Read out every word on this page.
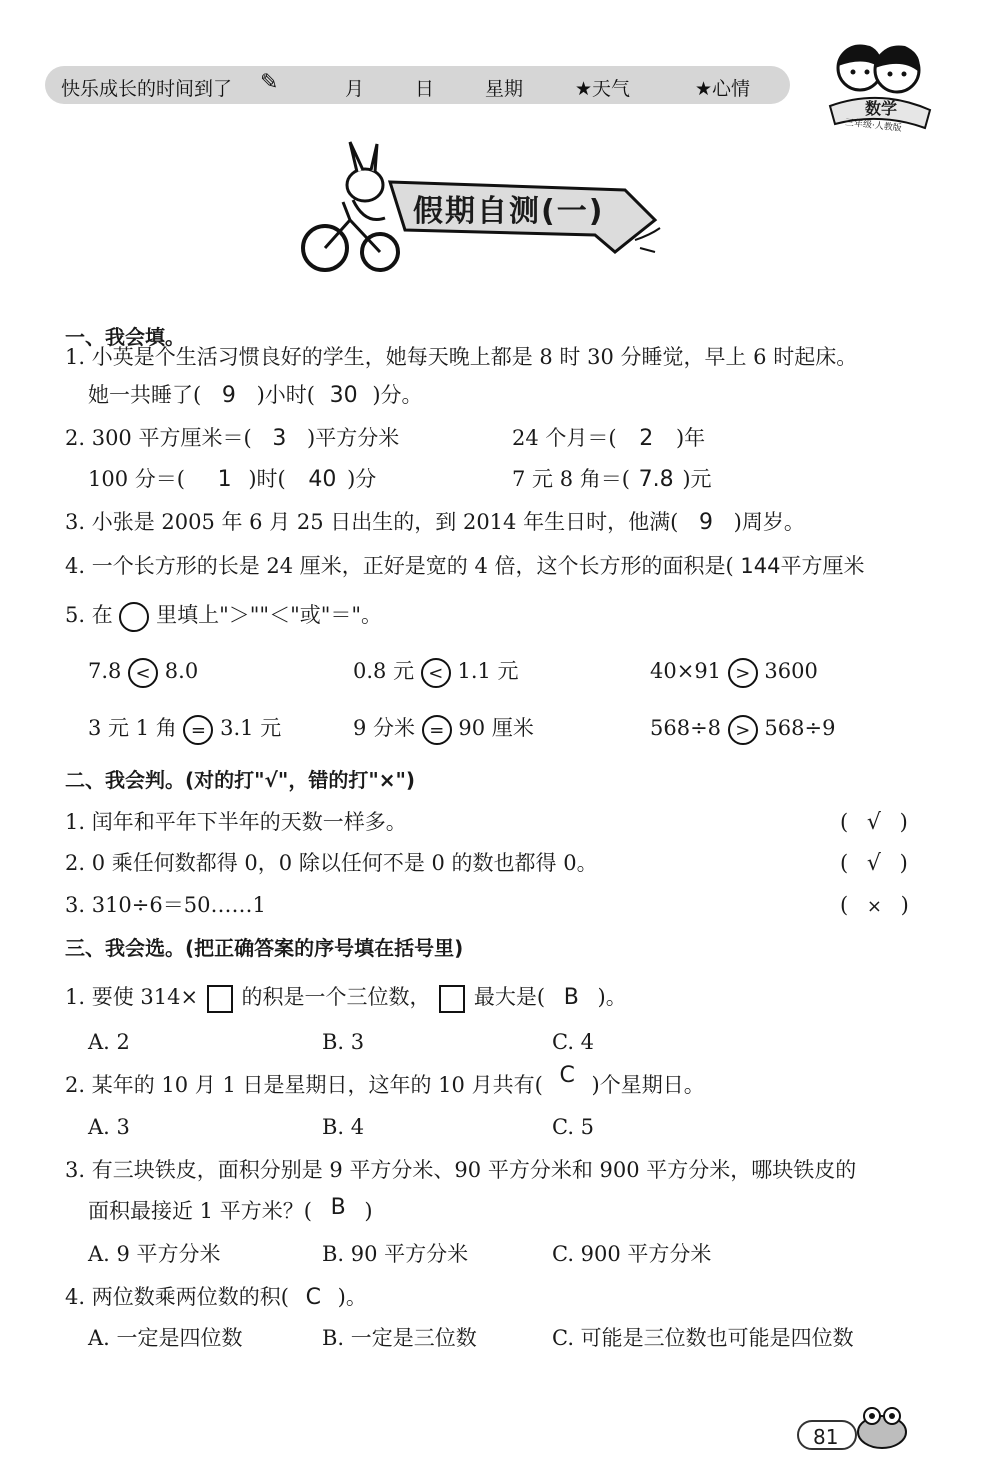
快乐成长的时间到了 ✎	月	日	星期	★天气	★心情
数学
三年级·人教版
假期自测(一)
一、我会填。
1. 小英是个生活习惯良好的学生，她每天晚上都是 8 时 30 分睡觉，早上 6 时起床。
她一共睡了( 9 )小时( 30 )分。
2. 300 平方厘米＝( 3 )平方分米	24 个月＝( 2 )年
100 分＝( 1 )时( 40 )分	7 元 8 角＝( 7.8 )元
3. 小张是 2005 年 6 月 25 日出生的，到 2014 年生日时，他满( 9 )周岁。
4. 一个长方形的长是 24 厘米，正好是宽的 4 倍，这个长方形的面积是( 144平方厘米
5. 在 里填上"＞""＜"或"＝"。
7.8 < 8.0	0.8 元 < 1.1 元	40×91 > 3600
3 元 1 角 = 3.1 元	9 分米 = 90 厘米	568÷8 > 568÷9
二、我会判。(对的打"√"，错的打"×")
1. 闰年和平年下半年的天数一样多。	( √ )
2. 0 乘任何数都得 0，0 除以任何不是 0 的数也都得 0。	( √ )
3. 310÷6＝50……1	( × )
三、我会选。(把正确答案的序号填在括号里)
1. 要使 314× 的积是一个三位数， 最大是( B )。
A. 2	B. 3	C. 4
2. 某年的 10 月 1 日是星期日，这年的 10 月共有( C )个星期日。
A. 3	B. 4	C. 5
3. 有三块铁皮，面积分别是 9 平方分米、90 平方分米和 900 平方分米，哪块铁皮的
面积最接近 1 平方米？( B )
A. 9 平方分米	B. 90 平方分米	C. 900 平方分米
4. 两位数乘两位数的积( C )。
A. 一定是四位数	B. 一定是三位数	C. 可能是三位数也可能是四位数
81
